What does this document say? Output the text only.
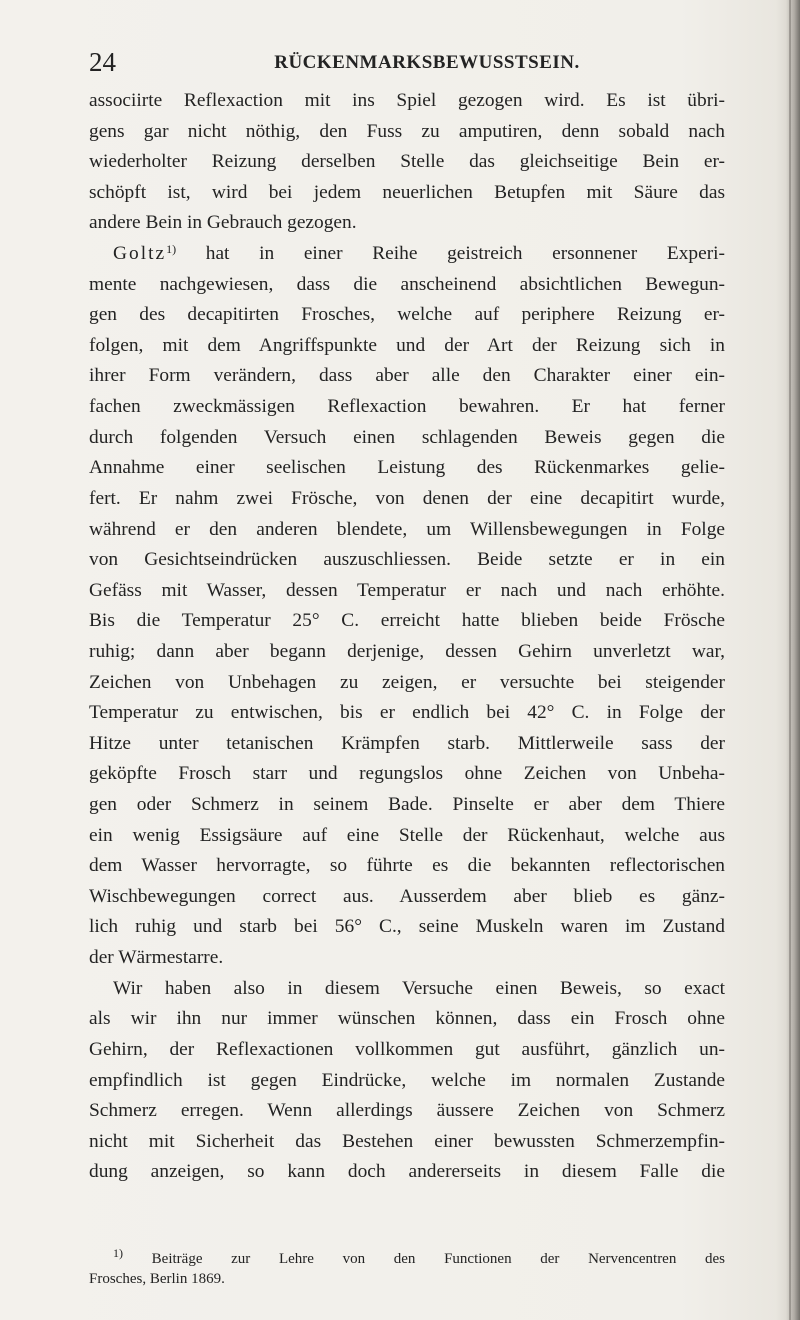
24	RÜCKENMARKSBEWUSSTSEIN.
associirte Reflexaction mit ins Spiel gezogen wird. Es ist übri-
gens gar nicht nöthig, den Fuss zu amputiren, denn sobald nach
wiederholter Reizung derselben Stelle das gleichseitige Bein er-
schöpft ist, wird bei jedem neuerlichen Betupfen mit Säure das
andere Bein in Gebrauch gezogen.
Goltz$^{1)}$ hat in einer Reihe geistreich ersonnener Experi-
mente nachgewiesen, dass die anscheinend absichtlichen Bewegun-
gen des decapitirten Frosches, welche auf periphere Reizung er-
folgen, mit dem Angriffspunkte und der Art der Reizung sich in
ihrer Form verändern, dass aber alle den Charakter einer ein-
fachen zweckmässigen Reflexaction bewahren. Er hat ferner
durch folgenden Versuch einen schlagenden Beweis gegen die
Annahme einer seelischen Leistung des Rückenmarkes gelie-
fert. Er nahm zwei Frösche, von denen der eine decapitirt wurde,
während er den anderen blendete, um Willensbewegungen in Folge
von Gesichtseindrücken auszuschliessen. Beide setzte er in ein
Gefäss mit Wasser, dessen Temperatur er nach und nach erhöhte.
Bis die Temperatur 25° C. erreicht hatte blieben beide Frösche
ruhig; dann aber begann derjenige, dessen Gehirn unverletzt war,
Zeichen von Unbehagen zu zeigen, er versuchte bei steigender
Temperatur zu entwischen, bis er endlich bei 42° C. in Folge der
Hitze unter tetanischen Krämpfen starb. Mittlerweile sass der
geköpfte Frosch starr und regungslos ohne Zeichen von Unbeha-
gen oder Schmerz in seinem Bade. Pinselte er aber dem Thiere
ein wenig Essigsäure auf eine Stelle der Rückenhaut, welche aus
dem Wasser hervorragte, so führte es die bekannten reflectorischen
Wischbewegungen correct aus. Ausserdem aber blieb es gänz-
lich ruhig und starb bei 56° C., seine Muskeln waren im Zustand
der Wärmestarre.
Wir haben also in diesem Versuche einen Beweis, so exact
als wir ihn nur immer wünschen können, dass ein Frosch ohne
Gehirn, der Reflexactionen vollkommen gut ausführt, gänzlich un-
empfindlich ist gegen Eindrücke, welche im normalen Zustande
Schmerz erregen. Wenn allerdings äussere Zeichen von Schmerz
nicht mit Sicherheit das Bestehen einer bewussten Schmerzempfin-
dung anzeigen, so kann doch andererseits in diesem Falle die
$^{1)}$ Beiträge zur Lehre von den Functionen der Nervencentren des
Frosches, Berlin 1869.
